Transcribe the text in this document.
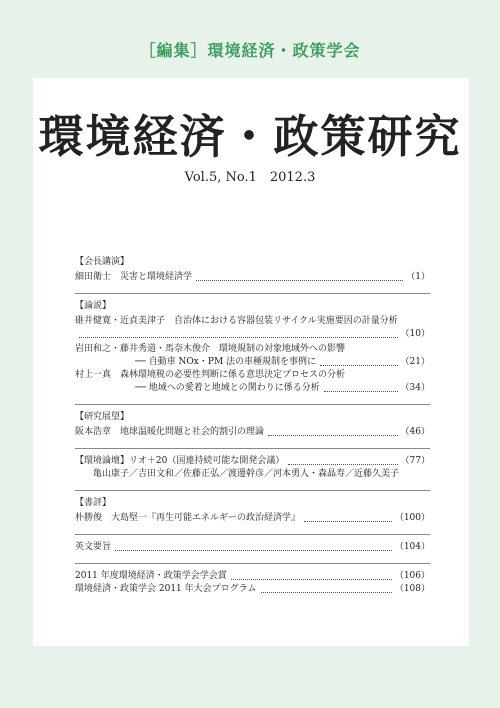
［編集］環境経済・政策学会
環境経済・政策研究
Vol.5, No.1　2012.3
【会長講演】
細田衛士　災害と環境経済学	（1）
【論説】
碓井健寛・近貞美津子　自治体における容器包装リサイクル実施要因の計量分析
（10）
岩田和之・藤井秀道・馬奈木俊介　環境規制の対象地域外への影響
── 自動車 NOx・PM 法の車種規制を事例に	（21）
村上一真　森林環境税の必要性判断に係る意思決定プロセスの分析
── 地域への愛着と地域との関わりに係る分析	（34）
【研究展望】
阪本浩章　地球温暖化問題と社会的割引の理論	（46）
【環境論壇】リオ＋20（国連持続可能な開発会議）	（77）
亀山康子／吉田文和／佐藤正弘／渡邊幹彦／河本勇人・森晶寿／近藤久美子
【書評】
朴勝俊　大島堅一『再生可能エネルギーの政治経済学』	（100）
英文要旨	（104）
2011 年度環境経済・政策学会学会賞	（106）
環境経済・政策学会 2011 年大会プログラム	（108）
